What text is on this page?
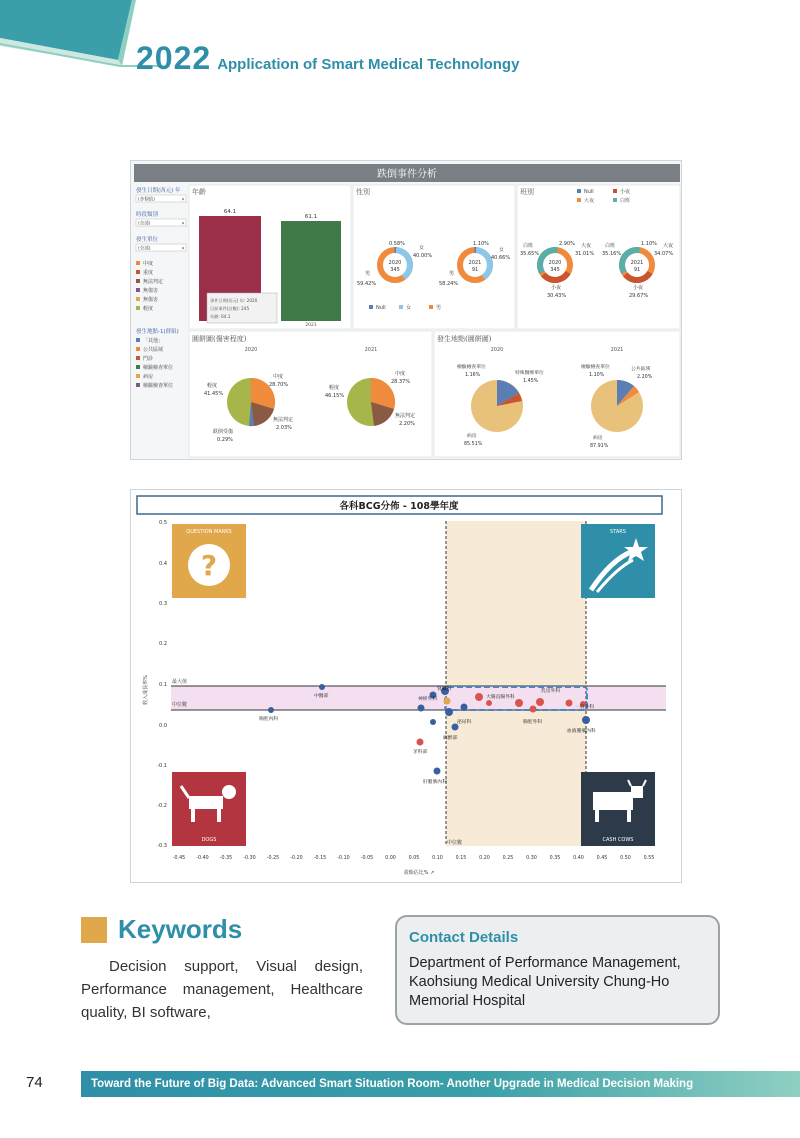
2022 Application of Smart Medical Technolongy
跌倒事件分析
發生日期(西元) 年
(多個值)	▾
時段類別
(全部)	▾
發生單位
(全部)	▾
中度
重度
無法判定
無傷害
無傷害
輕度
發生地點-1(群組)
「其他」
公共區域
門診
檢驗檢查單位
病房
檢驗檢查單位
年齡
64.1
61.1
2021
事件日期(西元) 年: 2020
目前事件(計數): 245
年齡: 64.1
性別
2020
345
0.58%
女
40.00%
男
59.42%
2021
91
1.10%
女
40.66%
男
58.24%
Null	女	男
班別	Null	小夜
大夜	白班
2020
345
白班
35.65%
2.90% 大夜
31.01%
小夜
30.43%
2021
91
白班
35.16%
1.10% 大夜
34.07%
小夜
29.67%
圓餅圖(傷害程度)
2020	2021
輕度
41.45%
中度
28.70%
無法判定
2.03%
跌倒受傷
0.29%
輕度
46.15%
中度
28.37%
無法判定
2.20%
發生地點(圓餅圖)
2020	2021
檢驗檢查單位
1.16%	特殊醫療單位
1.45%
病房
85.51%
檢驗檢查單位
1.10%
公共區域
2.20%
病房
87.91%
各科BCG分佈 - 108學年度
最大值
中位數
中位數
0.5
0.4
0.3
0.2
0.1
0.0
-0.1
-0.2
-0.3
收入成長率%
-0.45 -0.40 -0.35 -0.30 -0.25 -0.20 -0.15 -0.10 -0.05 0.00	0.05	0.10	0.15	0.20	0.25	0.30	0.35	0.40	0.45	0.50	0.55
盈餘佔比% ↗
QUESTION MARKS
?
STARS
DOGS	CASH COWS
中醫部
胸腔內科
神經外科
腎臟科
大腸直腸外科
乳房外科
一般外科
泌尿科	胸腔外科
血液腫瘤內科
麻醉部
牙科部
肝膽胰內科
Keywords
Decision support, Visual design, Performance management, Healthcare quality, BI software,
Contact Details
Department of Performance Management, Kaohsiung Medical University Chung-Ho Memorial Hospital
74	Toward the Future of Big Data: Advanced Smart Situation Room- Another Upgrade in Medical Decision Making
